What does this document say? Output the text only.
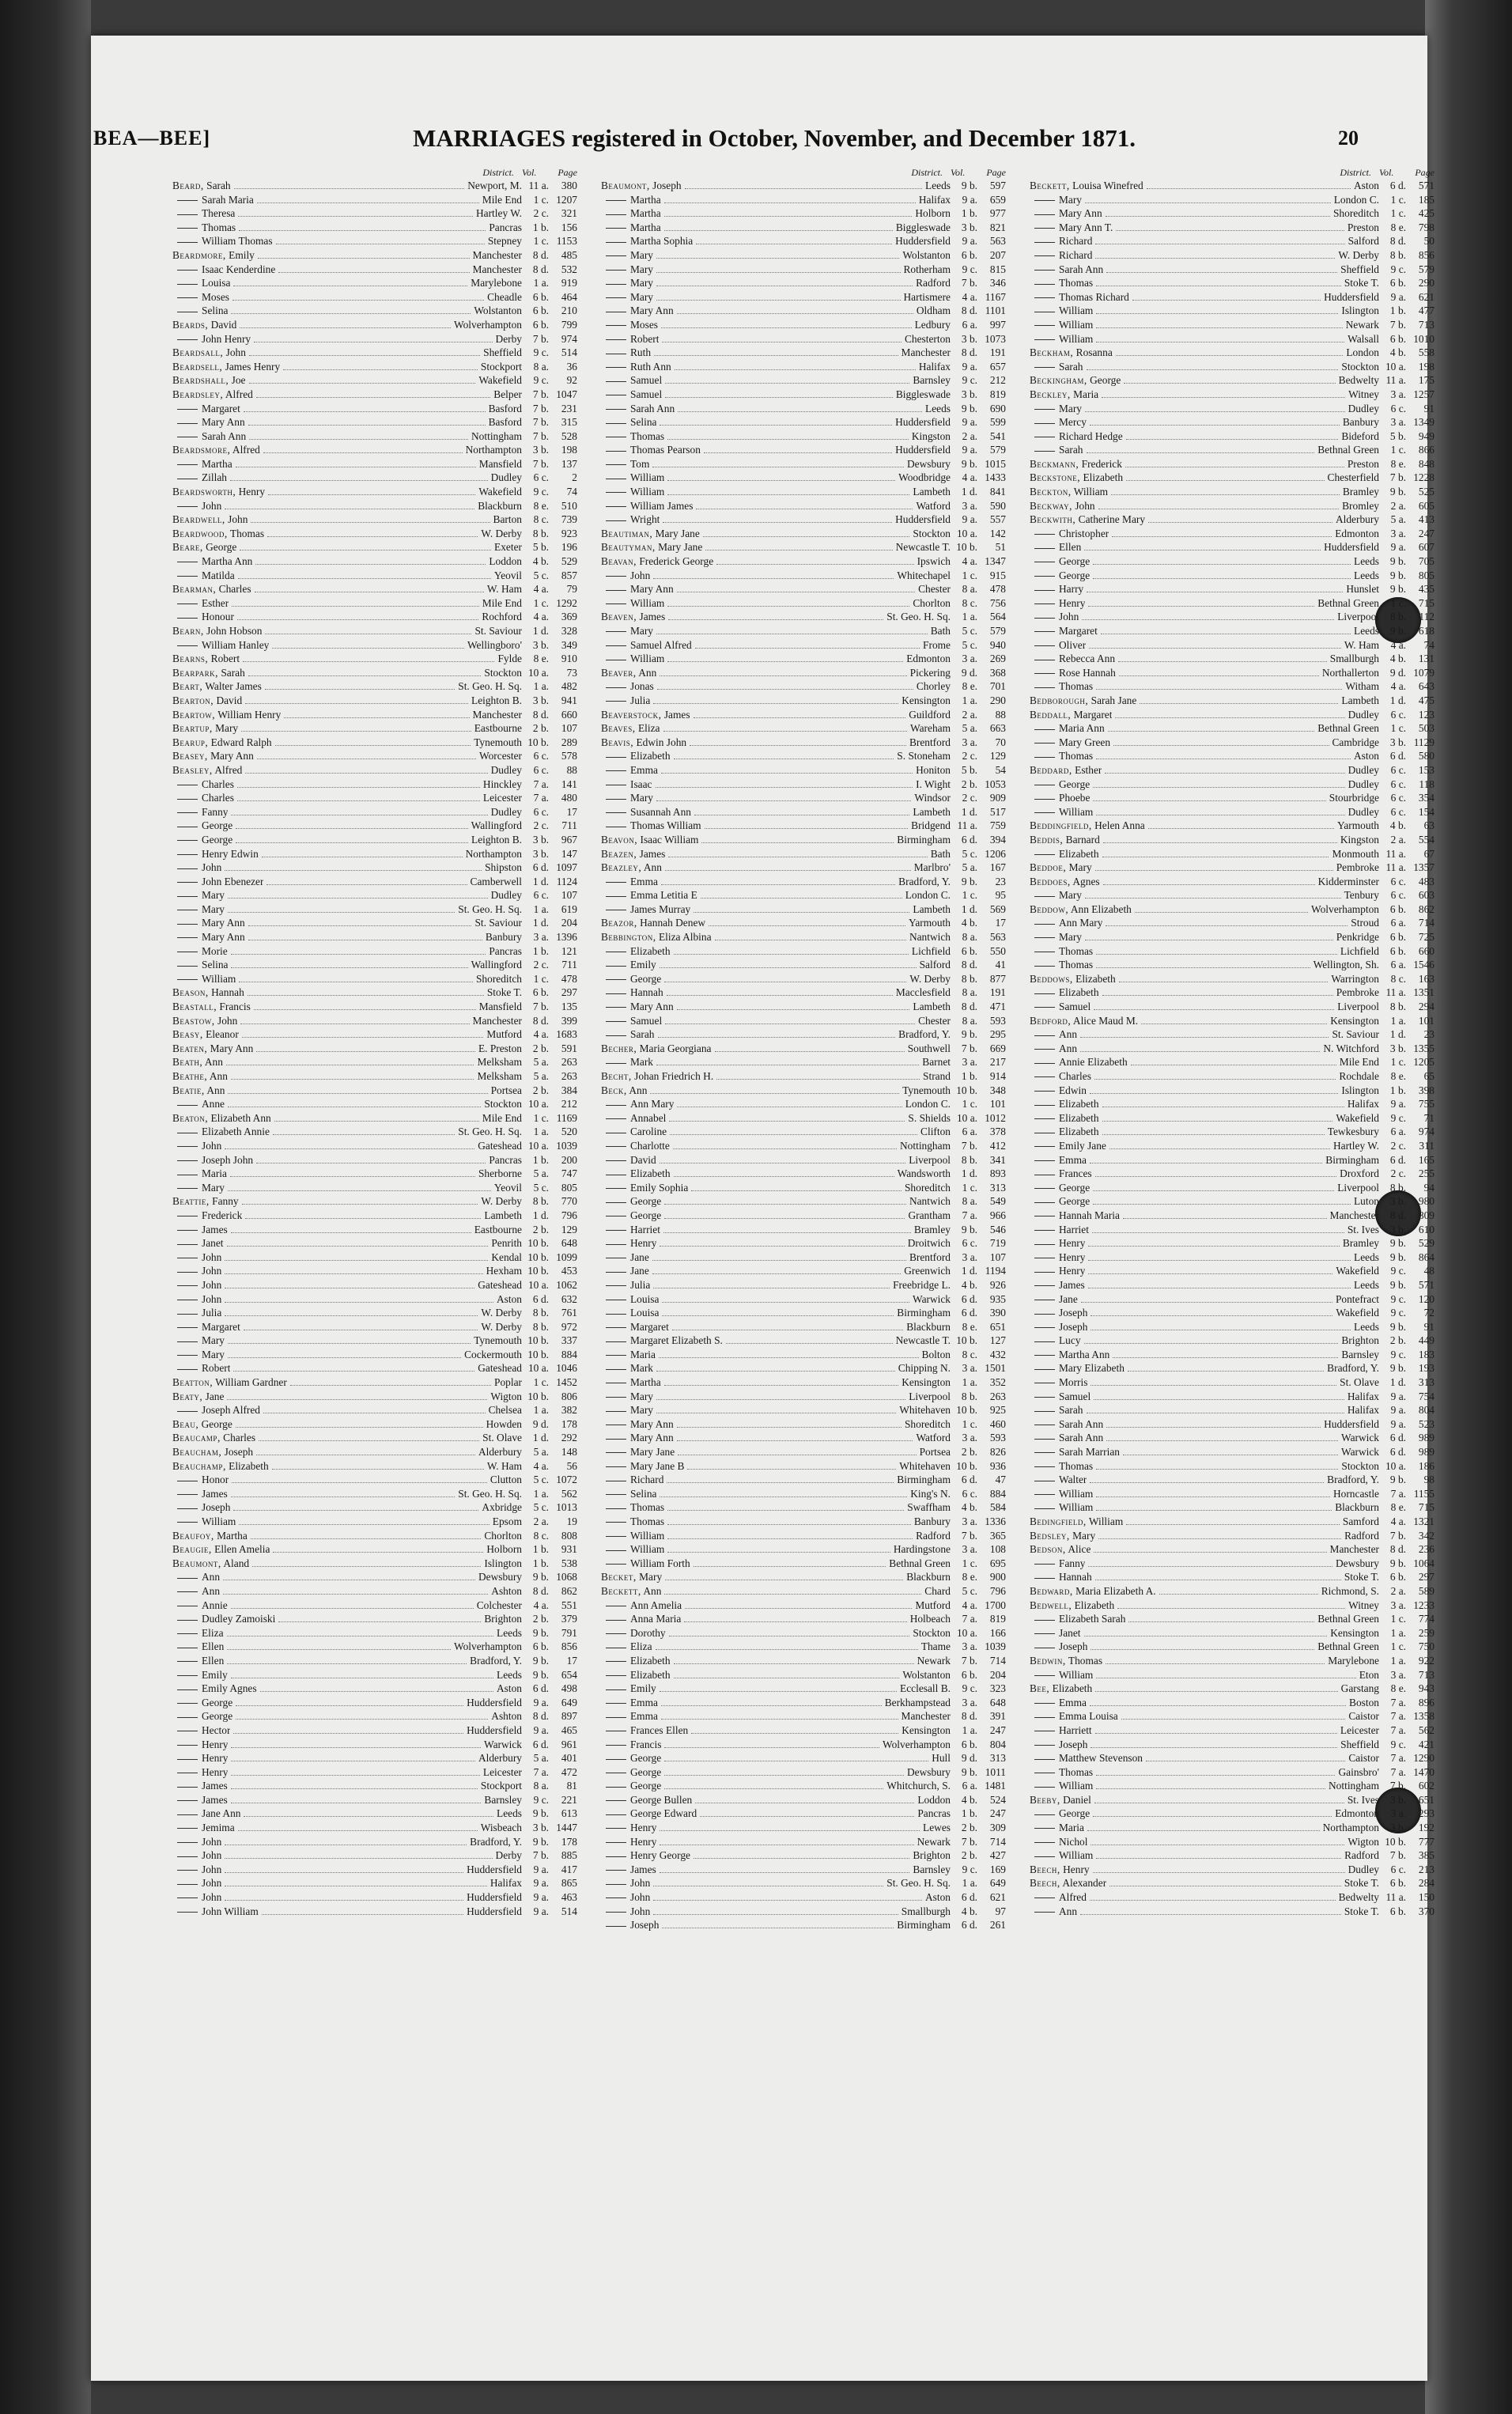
BEA—BEE]	MARRIAGES registered in October, November, and December 1871.	20
District. Vol.	Page
Beard, Sarah	Newport, M. 11 a.	380
Sarah Maria	Mile End	1 c. 1207
Theresa	Hartley W.	2 c.	321
Thomas	Pancras	1 b.	156
William Thomas	Stepney	1 c. 1153
Beardmore, Emily	Manchester	8 d.	485
Isaac Kenderdine	Manchester	8 d.	532
Louisa	Marylebone	1 a.	919
Moses	Cheadle	6 b.	464
Selina	Wolstanton	6 b.	210
Beards, David	Wolverhampton	6 b.	799
John Henry	Derby	7 b.	974
Beardsall, John	Sheffield	9 c.	514
Beardsell, James Henry	Stockport	8 a.	36
Beardshall, Joe	Wakefield	9 c.	92
Beardsley, Alfred	Belper	7 b. 1047
Margaret	Basford	7 b.	231
Mary Ann	Basford	7 b.	315
Sarah Ann	Nottingham	7 b.	528
Beardsmore, Alfred	Northampton	3 b.	198
Martha	Mansfield	7 b.	137
Zillah	Dudley	6 c.	2
Beardsworth, Henry	Wakefield	9 c.	74
John	Blackburn	8 e.	510
Beardwell, John	Barton	8 c.	739
Beardwood, Thomas	W. Derby	8 b.	923
Beare, George	Exeter	5 b.	196
Martha Ann	Loddon	4 b.	529
Matilda	Yeovil	5 c.	857
Bearman, Charles	W. Ham	4 a.	79
Esther	Mile End	1 c. 1292
Honour	Rochford	4 a.	369
Bearn, John Hobson	St. Saviour	1 d.	328
William Hanley	Wellingboro'	3 b.	349
Bearns, Robert	Fylde	8 e.	910
Bearpark, Sarah	Stockton 10 a.	73
Beart, Walter James	St. Geo. H. Sq.	1 a.	482
Bearton, David	Leighton B.	3 b.	941
Beartow, William Henry	Manchester	8 d.	660
Beartup, Mary	Eastbourne	2 b.	107
Bearup, Edward Ralph	Tynemouth 10 b.	289
Beasey, Mary Ann	Worcester	6 c.	578
Beasley, Alfred	Dudley	6 c.	88
Charles	Hinckley	7 a.	141
Charles	Leicester	7 a.	480
Fanny	Dudley	6 c.	17
George	Wallingford	2 c.	711
George	Leighton B.	3 b.	967
Henry Edwin	Northampton	3 b.	147
John	Shipston	6 d. 1097
John Ebenezer	Camberwell	1 d. 1124
Mary	Dudley	6 c.	107
Mary	St. Geo. H. Sq.	1 a.	619
Mary Ann	St. Saviour	1 d.	204
Mary Ann	Banbury	3 a. 1396
Morie	Pancras	1 b.	121
Selina	Wallingford	2 c.	711
William	Shoreditch	1 c.	478
Beason, Hannah	Stoke T.	6 b.	297
Beastall, Francis	Mansfield	7 b.	135
Beastow, John	Manchester	8 d.	399
Beasy, Eleanor	Mutford	4 a. 1683
Beaten, Mary Ann	E. Preston	2 b.	591
Beath, Ann	Melksham	5 a.	263
Beathe, Ann	Melksham	5 a.	263
Beatie, Ann	Portsea	2 b.	384
Anne	Stockton 10 a.	212
Beaton, Elizabeth Ann	Mile End	1 c. 1169
Elizabeth Annie	St. Geo. H. Sq.	1 a.	520
John	Gateshead 10 a. 1039
Joseph John	Pancras	1 b.	200
Maria	Sherborne	5 a.	747
Mary	Yeovil	5 c.	805
Beattie, Fanny	W. Derby	8 b.	770
Frederick	Lambeth	1 d.	796
James	Eastbourne	2 b.	129
Janet	Penrith 10 b.	648
John	Kendal 10 b. 1099
John	Hexham 10 b.	453
John	Gateshead 10 a. 1062
John	Aston	6 d.	632
Julia	W. Derby	8 b.	761
Margaret	W. Derby	8 b.	972
Mary	Tynemouth 10 b.	337
Mary	Cockermouth 10 b.	884
Robert	Gateshead 10 a. 1046
Beatton, William Gardner	Poplar	1 c. 1452
Beaty, Jane	Wigton 10 b.	806
Joseph Alfred	Chelsea	1 a.	382
Beau, George	Howden	9 d.	178
Beaucamp, Charles	St. Olave	1 d.	292
Beaucham, Joseph	Alderbury	5 a.	148
Beauchamp, Elizabeth	W. Ham	4 a.	56
Honor	Clutton	5 c. 1072
James	St. Geo. H. Sq.	1 a.	562
Joseph	Axbridge	5 c. 1013
William	Epsom	2 a.	19
Beaufoy, Martha	Chorlton	8 c.	808
Beaugie, Ellen Amelia	Holborn	1 b.	931
Beaumont, Aland	Islington	1 b.	538
Ann	Dewsbury	9 b. 1068
Ann	Ashton	8 d.	862
Annie	Colchester	4 a.	551
Dudley Zamoiski	Brighton	2 b.	379
Eliza	Leeds	9 b.	791
Ellen	Wolverhampton	6 b.	856
Ellen	Bradford, Y.	9 b.	17
Emily	Leeds	9 b.	654
Emily Agnes	Aston	6 d.	498
George	Huddersfield	9 a.	649
George	Ashton	8 d.	897
Hector	Huddersfield	9 a.	465
Henry	Warwick	6 d.	961
Henry	Alderbury	5 a.	401
Henry	Leicester	7 a.	472
James	Stockport	8 a.	81
James	Barnsley	9 c.	221
Jane Ann	Leeds	9 b.	613
Jemima	Wisbeach	3 b. 1447
John	Bradford, Y.	9 b.	178
John	Derby	7 b.	885
John	Huddersfield	9 a.	417
John	Halifax	9 a.	865
John	Huddersfield	9 a.	463
John William	Huddersfield	9 a.	514
District. Vol.	Page
Beaumont, Joseph	Leeds	9 b.	597
Martha	Halifax	9 a.	659
Martha	Holborn	1 b.	977
Martha	Biggleswade	3 b.	821
Martha Sophia	Huddersfield	9 a.	563
Mary	Wolstanton	6 b.	207
Mary	Rotherham	9 c.	815
Mary	Radford	7 b.	346
Mary	Hartismere	4 a. 1167
Mary Ann	Oldham	8 d. 1101
Moses	Ledbury	6 a.	997
Robert	Chesterton	3 b. 1073
Ruth	Manchester	8 d.	191
Ruth Ann	Halifax	9 a.	657
Samuel	Barnsley	9 c.	212
Samuel	Biggleswade	3 b.	819
Sarah Ann	Leeds	9 b.	690
Selina	Huddersfield	9 a.	599
Thomas	Kingston	2 a.	541
Thomas Pearson	Huddersfield	9 a.	579
Tom	Dewsbury	9 b. 1015
William	Woodbridge	4 a. 1433
William	Lambeth	1 d.	841
William James	Watford	3 a.	590
Wright	Huddersfield	9 a.	557
Beautiman, Mary Jane	Stockton 10 a.	142
Beautyman, Mary Jane	Newcastle T. 10 b.	51
Beavan, Frederick George	Ipswich	4 a. 1347
John	Whitechapel	1 c.	915
Mary Ann	Chester	8 a.	478
William	Chorlton	8 c.	756
Beaven, James	St. Geo. H. Sq.	1 a.	564
Mary	Bath	5 c.	579
Samuel Alfred	Frome	5 c.	940
William	Edmonton	3 a.	269
Beaver, Ann	Pickering	9 d.	368
Jonas	Chorley	8 e.	701
Julia	Kensington	1 a.	290
Beaverstock, James	Guildford	2 a.	88
Beaves, Eliza	Wareham	5 a.	663
Beavis, Edwin John	Brentford	3 a.	70
Elizabeth	S. Stoneham	2 c.	129
Emma	Honiton	5 b.	54
Isaac	I. Wight	2 b. 1053
Mary	Windsor	2 c.	909
Susannah Ann	Lambeth	1 d.	517
Thomas William	Bridgend 11 a.	759
Beavon, Isaac William	Birmingham	6 d.	394
Beazen, James	Bath	5 c. 1206
Beazley, Ann	Marlbro'	5 a.	167
Emma	Bradford, Y.	9 b.	23
Emma Letitia E	London C.	1 c.	95
James Murray	Lambeth	1 d.	569
Beazor, Hannah Denew	Yarmouth	4 b.	17
Bebbington, Eliza Albina	Nantwich	8 a.	563
Elizabeth	Lichfield	6 b.	550
Emily	Salford	8 d.	41
George	W. Derby	8 b.	877
Hannah	Macclesfield	8 a.	191
Mary Ann	Lambeth	8 d.	471
Samuel	Chester	8 a.	593
Sarah	Bradford, Y.	9 b.	295
Becher, Maria Georgiana	Southwell	7 b.	669
Mark	Barnet	3 a.	217
Becht, Johan Friedrich H.	Strand	1 b.	914
Beck, Ann	Tynemouth 10 b.	348
Ann Mary	London C.	1 c.	101
Annabel	S. Shields 10 a. 1012
Caroline	Clifton	6 a.	378
Charlotte	Nottingham	7 b.	412
David	Liverpool	8 b.	341
Elizabeth	Wandsworth	1 d.	893
Emily Sophia	Shoreditch	1 c.	313
George	Nantwich	8 a.	549
George	Grantham	7 a.	966
Harriet	Bramley	9 b.	546
Henry	Droitwich	6 c.	719
Jane	Brentford	3 a.	107
Jane	Greenwich	1 d. 1194
Julia	Freebridge L.	4 b.	926
Louisa	Warwick	6 d.	935
Louisa	Birmingham	6 d.	390
Margaret	Blackburn	8 e.	651
Margaret Elizabeth S.	Newcastle T. 10 b.	127
Maria	Bolton	8 c.	432
Mark	Chipping N.	3 a. 1501
Martha	Kensington	1 a.	352
Mary	Liverpool	8 b.	263
Mary	Whitehaven 10 b.	925
Mary Ann	Shoreditch	1 c.	460
Mary Ann	Watford	3 a.	593
Mary Jane	Portsea	2 b.	826
Mary Jane B	Whitehaven 10 b.	936
Richard	Birmingham	6 d.	47
Selina	King's N.	6 c.	884
Thomas	Swaffham	4 b.	584
Thomas	Banbury	3 a. 1336
William	Radford	7 b.	365
William	Hardingstone	3 a.	108
William Forth	Bethnal Green	1 c.	695
Becket, Mary	Blackburn	8 e.	900
Beckett, Ann	Chard	5 c.	796
Ann Amelia	Mutford	4 a. 1700
Anna Maria	Holbeach	7 a.	819
Dorothy	Stockton 10 a.	166
Eliza	Thame	3 a. 1039
Elizabeth	Newark	7 b.	714
Elizabeth	Wolstanton	6 b.	204
Emily	Ecclesall B.	9 c.	323
Emma	Berkhampstead	3 a.	648
Emma	Manchester	8 d.	391
Frances Ellen	Kensington	1 a.	247
Francis	Wolverhampton	6 b.	804
George	Hull	9 d.	313
George	Dewsbury	9 b. 1011
George	Whitchurch, S.	6 a. 1481
George Bullen	Loddon	4 b.	524
George Edward	Pancras	1 b.	247
Henry	Lewes	2 b.	309
Henry	Newark	7 b.	714
Henry George	Brighton	2 b.	427
James	Barnsley	9 c.	169
John	St. Geo. H. Sq.	1 a.	649
John	Aston	6 d.	621
John	Smallburgh	4 b.	97
Joseph	Birmingham	6 d.	261
District. Vol.	Page
Beckett, Louisa Winefred	Aston	6 d.	571
Mary	London C.	1 c.	185
Mary Ann	Shoreditch	1 c.	425
Mary Ann T.	Preston	8 e.	798
Richard	Salford	8 d.	50
Richard	W. Derby	8 b.	856
Sarah Ann	Sheffield	9 c.	579
Thomas	Stoke T.	6 b.	290
Thomas Richard	Huddersfield	9 a.	621
William	Islington	1 b.	477
William	Newark	7 b.	713
William	Walsall	6 b. 1010
Beckham, Rosanna	London	4 b.	558
Sarah	Stockton 10 a.	198
Beckingham, George	Bedwelty 11 a.	175
Beckley, Maria	Witney	3 a. 1257
Mary	Dudley	6 c.	91
Mercy	Banbury	3 a. 1349
Richard Hedge	Bideford	5 b.	949
Sarah	Bethnal Green	1 c.	866
Beckmann, Frederick	Preston	8 e.	848
Beckstone, Elizabeth	Chesterfield	7 b. 1228
Beckton, William	Bramley	9 b.	525
Beckway, John	Bromley	2 a.	605
Beckwith, Catherine Mary	Alderbury	5 a.	413
Christopher	Edmonton	3 a.	247
Ellen	Huddersfield	9 a.	607
George	Leeds	9 b.	705
George	Leeds	9 b.	805
Harry	Hunslet	9 b.	435
Henry	Bethnal Green	1 c.	715
John	Liverpool	8 b.	112
Margaret	Leeds	9 b.	618
Oliver	W. Ham	4 a.	74
Rebecca Ann	Smallburgh	4 b.	131
Rose Hannah	Northallerton	9 d. 1079
Thomas	Witham	4 a.	643
Bedborough, Sarah Jane	Lambeth	1 d.	475
Beddall, Margaret	Dudley	6 c.	123
Maria Ann	Bethnal Green	1 c.	503
Mary Green	Cambridge	3 b. 1129
Thomas	Aston	6 d.	580
Beddard, Esther	Dudley	6 c.	153
George	Dudley	6 c.	118
Phoebe	Stourbridge	6 c.	354
William	Dudley	6 c.	154
Beddingfield, Helen Anna	Yarmouth	4 b.	63
Beddis, Barnard	Kingston	2 a.	554
Elizabeth	Monmouth 11 a.	67
Beddoe, Mary	Pembroke 11 a. 1357
Beddoes, Agnes	Kidderminster	6 c.	483
Mary	Tenbury	6 c.	603
Beddow, Ann Elizabeth	Wolverhampton	6 b.	862
Ann Mary	Stroud	6 a.	714
Mary	Penkridge	6 b.	725
Thomas	Lichfield	6 b.	660
Thomas	Wellington, Sh.	6 a. 1546
Beddows, Elizabeth	Warrington	8 c.	163
Elizabeth	Pembroke 11 a. 1351
Samuel	Liverpool	8 b.	294
Bedford, Alice Maud M.	Kensington	1 a.	101
Ann	St. Saviour	1 d.	23
Ann	N. Witchford	3 b. 1355
Annie Elizabeth	Mile End	1 c. 1205
Charles	Rochdale	8 e.	65
Edwin	Islington	1 b.	398
Elizabeth	Halifax	9 a.	755
Elizabeth	Wakefield	9 c.	71
Elizabeth	Tewkesbury	6 a.	974
Emily Jane	Hartley W.	2 c.	311
Emma	Birmingham	6 d.	165
Frances	Droxford	2 c.	255
George	Liverpool	8 b.	94
George	Luton	3 b.	980
Hannah Maria	Manchester	8 d.	809
Harriet	St. Ives	3 b.	610
Henry	Bramley	9 b.	529
Henry	Leeds	9 b.	864
Henry	Wakefield	9 c.	48
James	Leeds	9 b.	571
Jane	Pontefract	9 c.	120
Joseph	Wakefield	9 c.	72
Joseph	Leeds	9 b.	91
Lucy	Brighton	2 b.	449
Martha Ann	Barnsley	9 c.	183
Mary Elizabeth	Bradford, Y.	9 b.	193
Morris	St. Olave	1 d.	313
Samuel	Halifax	9 a.	754
Sarah	Halifax	9 a.	804
Sarah Ann	Huddersfield	9 a.	523
Sarah Ann	Warwick	6 d.	989
Sarah Marrian	Warwick	6 d.	989
Thomas	Stockton 10 a.	186
Walter	Bradford, Y.	9 b.	98
William	Horncastle	7 a. 1155
William	Blackburn	8 e.	715
Bedingfield, William	Samford	4 a. 1321
Bedsley, Mary	Radford	7 b.	342
Bedson, Alice	Manchester	8 d.	236
Fanny	Dewsbury	9 b. 1064
Hannah	Stoke T.	6 b.	297
Bedward, Maria Elizabeth A.	Richmond, S.	2 a.	589
Bedwell, Elizabeth	Witney	3 a. 1233
Elizabeth Sarah	Bethnal Green	1 c.	774
Janet	Kensington	1 a.	259
Joseph	Bethnal Green	1 c.	750
Bedwin, Thomas	Marylebone	1 a.	922
William	Eton	3 a.	713
Bee, Elizabeth	Garstang	8 e.	943
Emma	Boston	7 a.	896
Emma Louisa	Caistor	7 a. 1358
Harriett	Leicester	7 a.	562
Joseph	Sheffield	9 c.	421
Matthew Stevenson	Caistor	7 a. 1290
Thomas	Gainsbro'	7 a. 1470
William	Nottingham	7 b.	602
Beeby, Daniel	St. Ives	3 b.	651
George	Edmonton	3 a.	293
Maria	Northampton	3 b.	192
Nichol	Wigton 10 b.	777
William	Radford	7 b.	385
Beech, Henry	Dudley	6 c.	213
Beech, Alexander	Stoke T.	6 b.	284
Alfred	Bedwelty 11 a.	150
Ann	Stoke T.	6 b.	370
